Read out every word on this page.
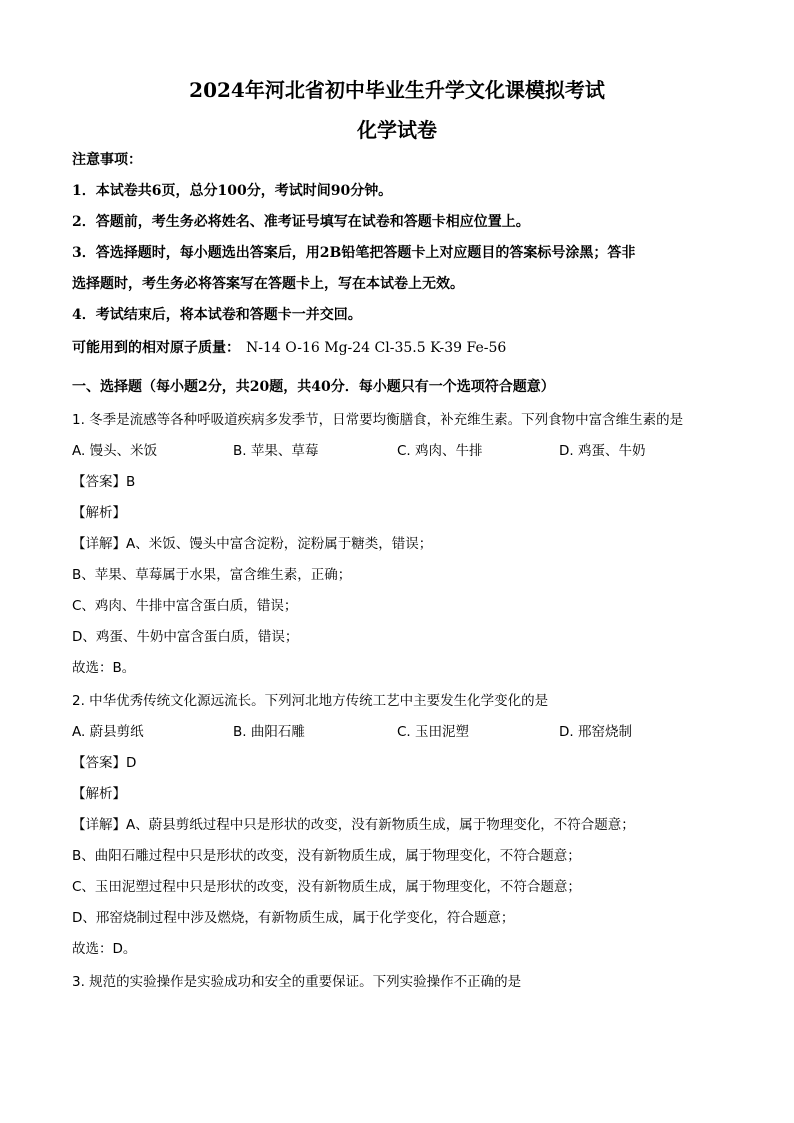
2024年河北省初中毕业生升学文化课模拟考试
化学试卷
注意事项：
1．本试卷共6页，总分100分，考试时间90分钟。
2．答题前，考生务必将姓名、准考证号填写在试卷和答题卡相应位置上。
3．答选择题时，每小题选出答案后，用2B铅笔把答题卡上对应题目的答案标号涂黑；答非
选择题时，考生务必将答案写在答题卡上，写在本试卷上无效。
4．考试结束后，将本试卷和答题卡一并交回。
可能用到的相对原子质量： N-14 O-16 Mg-24 Cl-35.5 K-39 Fe-56
一、选择题（每小题2分，共20题，共40分．每小题只有一个选项符合题意）
1. 冬季是流感等各种呼吸道疾病多发季节，日常要均衡膳食，补充维生素。下列食物中富含维生素的是
A. 馒头、米饭	B. 苹果、草莓	C. 鸡肉、牛排	D. 鸡蛋、牛奶
【答案】B
【解析】
【详解】A、米饭、馒头中富含淀粉，淀粉属于糖类，错误；
B、苹果、草莓属于水果，富含维生素，正确；
C、鸡肉、牛排中富含蛋白质，错误；
D、鸡蛋、牛奶中富含蛋白质，错误；
故选：B。
2. 中华优秀传统文化源远流长。下列河北地方传统工艺中主要发生化学变化的是
A. 蔚县剪纸	B. 曲阳石雕	C. 玉田泥塑	D. 邢窑烧制
【答案】D
【解析】
【详解】A、蔚县剪纸过程中只是形状的改变，没有新物质生成，属于物理变化，不符合题意；
B、曲阳石雕过程中只是形状的改变，没有新物质生成，属于物理变化，不符合题意；
C、玉田泥塑过程中只是形状的改变，没有新物质生成，属于物理变化，不符合题意；
D、邢窑烧制过程中涉及燃烧，有新物质生成，属于化学变化，符合题意；
故选：D。
3. 规范的实验操作是实验成功和安全的重要保证。下列实验操作不正确的是
